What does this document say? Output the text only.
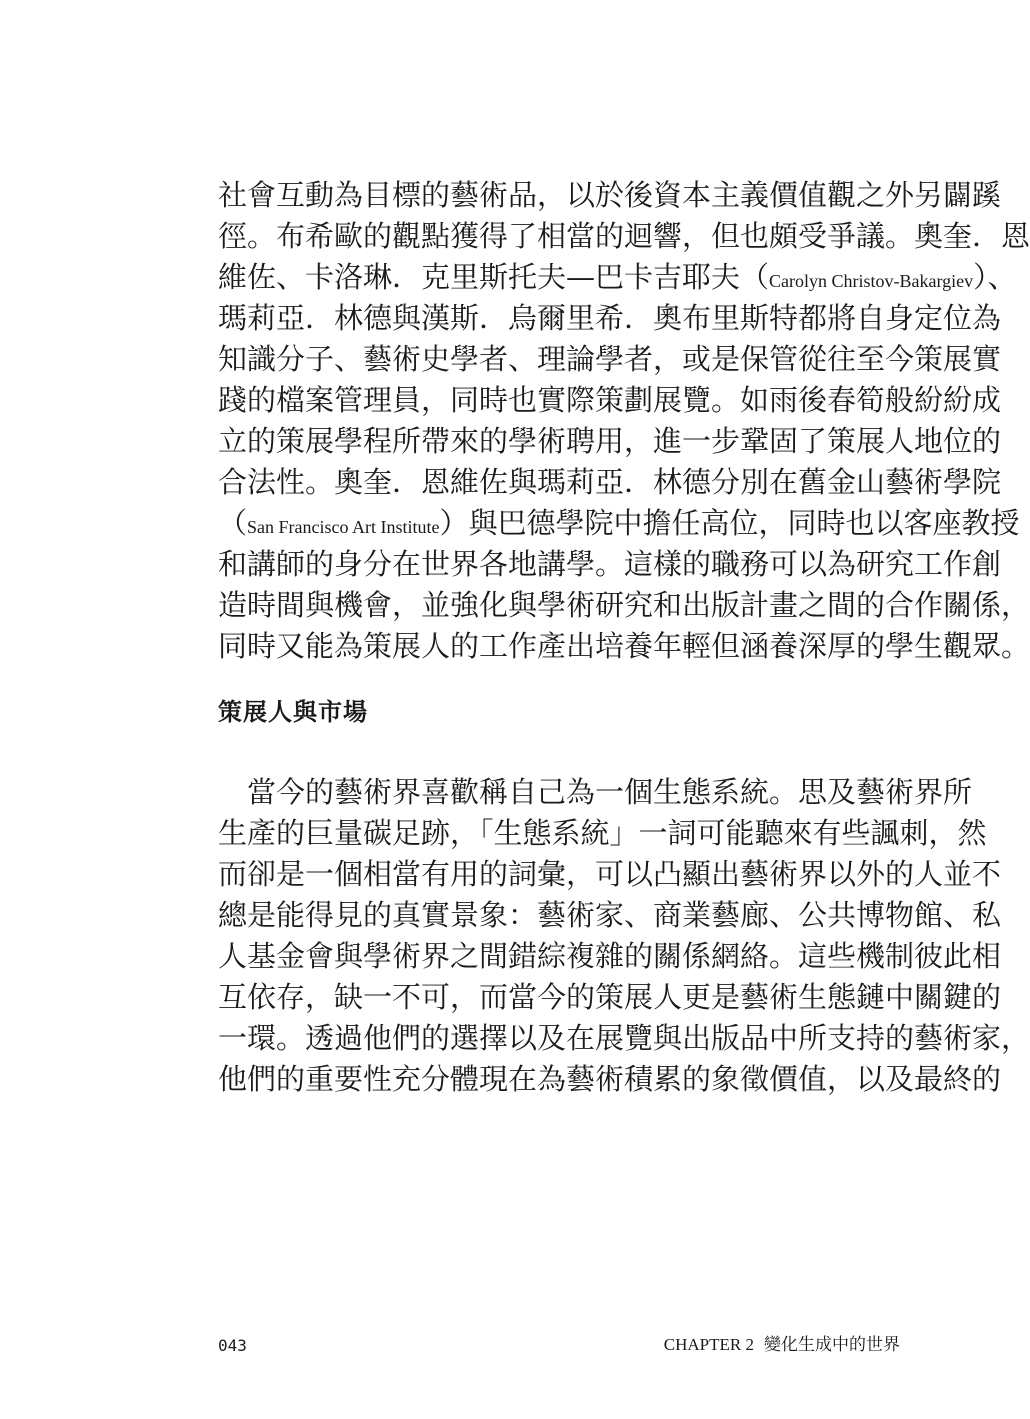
社會互動為目標的藝術品，以於後資本主義價值觀之外另闢蹊
徑。布希歐的觀點獲得了相當的迴響，但也頗受爭議。奧奎．恩
維佐、卡洛琳．克里斯托夫—巴卡吉耶夫（Carolyn Christov-Bakargiev）、
瑪莉亞．林德與漢斯．烏爾里希．奧布里斯特都將自身定位為
知識分子、藝術史學者、理論學者，或是保管從往至今策展實
踐的檔案管理員，同時也實際策劃展覽。如雨後春筍般紛紛成
立的策展學程所帶來的學術聘用，進一步鞏固了策展人地位的
合法性。奧奎．恩維佐與瑪莉亞．林德分別在舊金山藝術學院
（San Francisco Art Institute）與巴德學院中擔任高位，同時也以客座教授
和講師的身分在世界各地講學。這樣的職務可以為研究工作創
造時間與機會，並強化與學術研究和出版計畫之間的合作關係，
同時又能為策展人的工作產出培養年輕但涵養深厚的學生觀眾。
策展人與市場
　當今的藝術界喜歡稱自己為一個生態系統。思及藝術界所
生產的巨量碳足跡，「生態系統」一詞可能聽來有些諷刺，然
而卻是一個相當有用的詞彙，可以凸顯出藝術界以外的人並不
總是能得見的真實景象：藝術家、商業藝廊、公共博物館、私
人基金會與學術界之間錯綜複雜的關係網絡。這些機制彼此相
互依存，缺一不可，而當今的策展人更是藝術生態鏈中關鍵的
一環。透過他們的選擇以及在展覽與出版品中所支持的藝術家，
他們的重要性充分體現在為藝術積累的象徵價值，以及最終的
043	CHAPTER 2 變化生成中的世界
